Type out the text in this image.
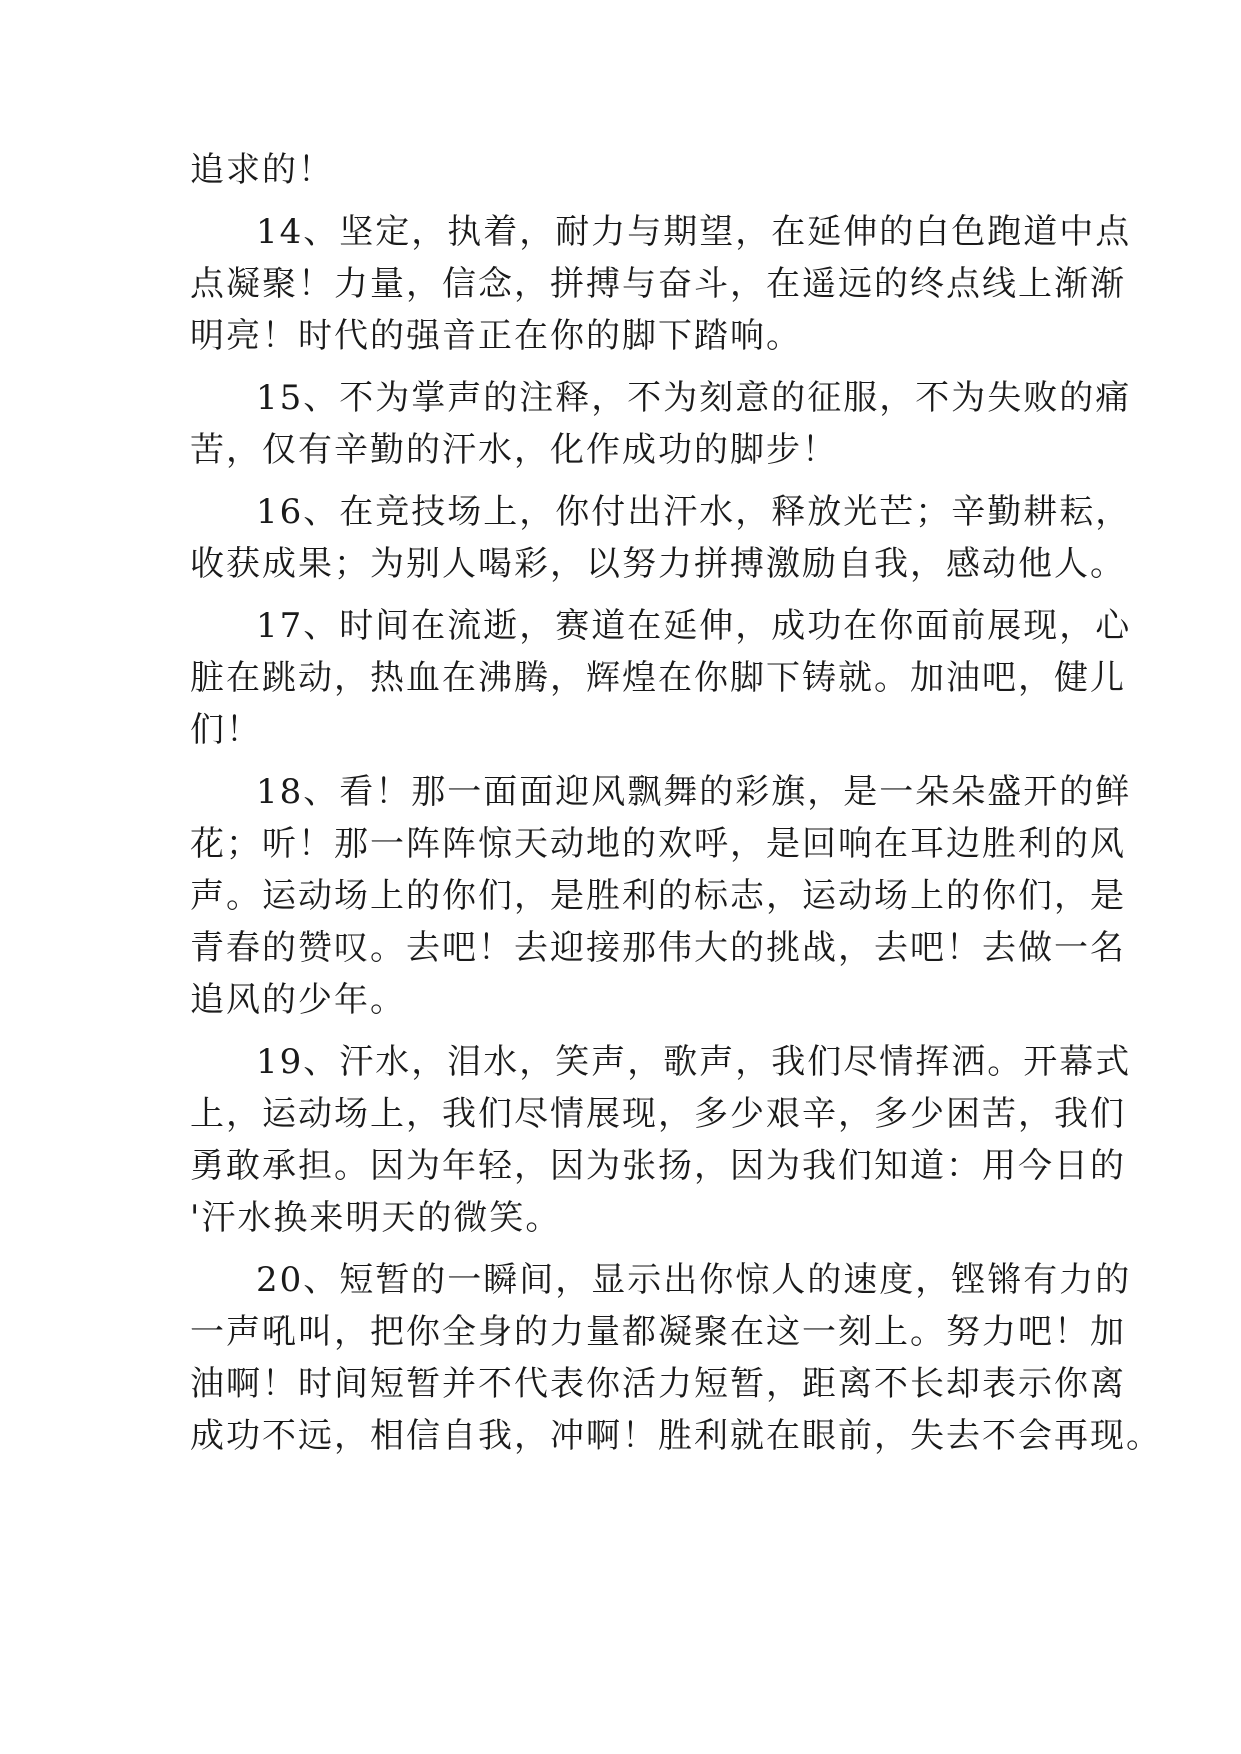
追求的！
14、坚定，执着，耐力与期望，在延伸的白色跑道中点
点凝聚！力量，信念，拼搏与奋斗，在遥远的终点线上渐渐
明亮！时代的强音正在你的脚下踏响。
15、不为掌声的注释，不为刻意的征服，不为失败的痛
苦，仅有辛勤的汗水，化作成功的脚步！
16、在竞技场上，你付出汗水，释放光芒；辛勤耕耘，
收获成果；为别人喝彩，以努力拼搏激励自我，感动他人。
17、时间在流逝，赛道在延伸，成功在你面前展现，心
脏在跳动，热血在沸腾，辉煌在你脚下铸就。加油吧，健儿
们！
18、看！那一面面迎风飘舞的彩旗，是一朵朵盛开的鲜
花；听！那一阵阵惊天动地的欢呼，是回响在耳边胜利的风
声。运动场上的你们，是胜利的标志，运动场上的你们，是
青春的赞叹。去吧！去迎接那伟大的挑战，去吧！去做一名
追风的少年。
19、汗水，泪水，笑声，歌声，我们尽情挥洒。开幕式
上，运动场上，我们尽情展现，多少艰辛，多少困苦，我们
勇敢承担。因为年轻，因为张扬，因为我们知道：用今日的
'汗水换来明天的微笑。
20、短暂的一瞬间，显示出你惊人的速度，铿锵有力的
一声吼叫，把你全身的力量都凝聚在这一刻上。努力吧！加
油啊！时间短暂并不代表你活力短暂，距离不长却表示你离
成功不远，相信自我，冲啊！胜利就在眼前，失去不会再现。
